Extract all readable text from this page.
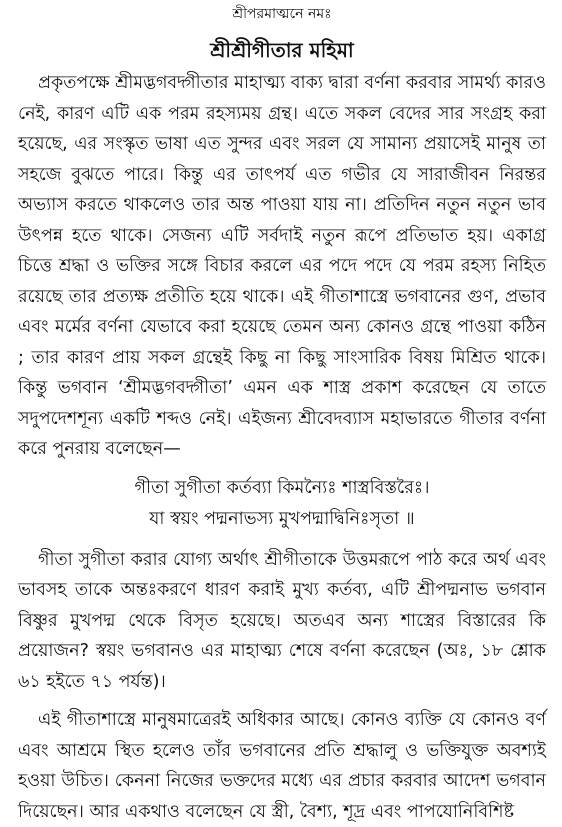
শ্রীপরমাত্মনে নমঃ
শ্রীশ্রীগীতার মহিমা

প্রকৃতপক্ষে শ্রীমদ্ভগবদ্গীতার মাহাত্ম্য বাক্য দ্বারা বর্ণনা করবার সামর্থ্য কারও নেই, কারণ এটি এক পরম রহস্যময় গ্রন্থ। এতে সকল বেদের সার সংগ্রহ করা হয়েছে, এর সংস্কৃত ভাষা এত সুন্দর এবং সরল যে সামান্য প্রয়াসেই মানুষ তা সহজে বুঝতে পারে। কিন্তু এর তাৎপর্য এত গভীর যে সারাজীবন নিরন্তর অভ্যাস করতে থাকলেও তার অন্ত পাওয়া যায় না। প্রতিদিন নতুন নতুন ভাব উৎপন্ন হতে থাকে। সেজন্য এটি সর্বদাই নতুন রূপে প্রতিভাত হয়। একাগ্র চিত্তে শ্রদ্ধা ও ভক্তির সঙ্গে বিচার করলে এর পদে পদে যে পরম রহস্য নিহিত রয়েছে তার প্রত্যক্ষ প্রতীতি হয়ে থাকে। এই গীতাশাস্ত্রে ভগবানের গুণ, প্রভাব এবং মর্মের বর্ণনা যেভাবে করা হয়েছে তেমন অন্য কোনও গ্রন্থে পাওয়া কঠিন ; তার কারণ প্রায় সকল গ্রন্থেই কিছু না কিছু সাংসারিক বিষয় মিশ্রিত থাকে। কিন্তু ভগবান ‘শ্রীমদ্ভগবদ্গীতা’ এমন এক শাস্ত্র প্রকাশ করেছেন যে তাতে সদুপদেশশূন্য একটি শব্দও নেই। এইজন্য শ্রীবেদব্যাস মহাভারতে গীতার বর্ণনা করে পুনরায় বলেছেন—

গীতা সুগীতা কর্তব্যা কিমন্যৈঃ শাস্ত্রবিস্তরৈঃ।

যা স্বয়ং পদ্মনাভস্য মুখপদ্মাদ্বিনিঃসৃতা ॥

গীতা সুগীতা করার যোগ্য অর্থাৎ শ্রীগীতাকে উত্তমরূপে পাঠ করে অর্থ এবং ভাবসহ তাকে অন্তঃকরণে ধারণ করাই মুখ্য কর্তব্য, এটি শ্রীপদ্মনাভ ভগবান বিষ্ণুর মুখপদ্ম থেকে বিসৃত হয়েছে। অতএব অন্য শাস্ত্রের বিস্তারের কি প্রয়োজন? স্বয়ং ভগবানও এর মাহাত্ম্য শেষে বর্ণনা করেছেন (অঃ, ১৮ শ্লোক ৬১ হইতে ৭১ পর্যন্ত)।

এই গীতাশাস্ত্রে মানুষমাত্রেরই অধিকার আছে। কোনও ব্যক্তি যে কোনও বর্ণ এবং আশ্রমে স্থিত হলেও তাঁর ভগবানের প্রতি শ্রদ্ধালু ও ভক্তিযুক্ত অবশ্যই হওয়া উচিত। কেননা নিজের ভক্তদের মধ্যে এর প্রচার করবার আদেশ ভগবান দিয়েছেন। আর একথাও বলেছেন যে স্ত্রী, বৈশ্য, শূদ্র এবং পাপযোনিবিশিষ্ট
